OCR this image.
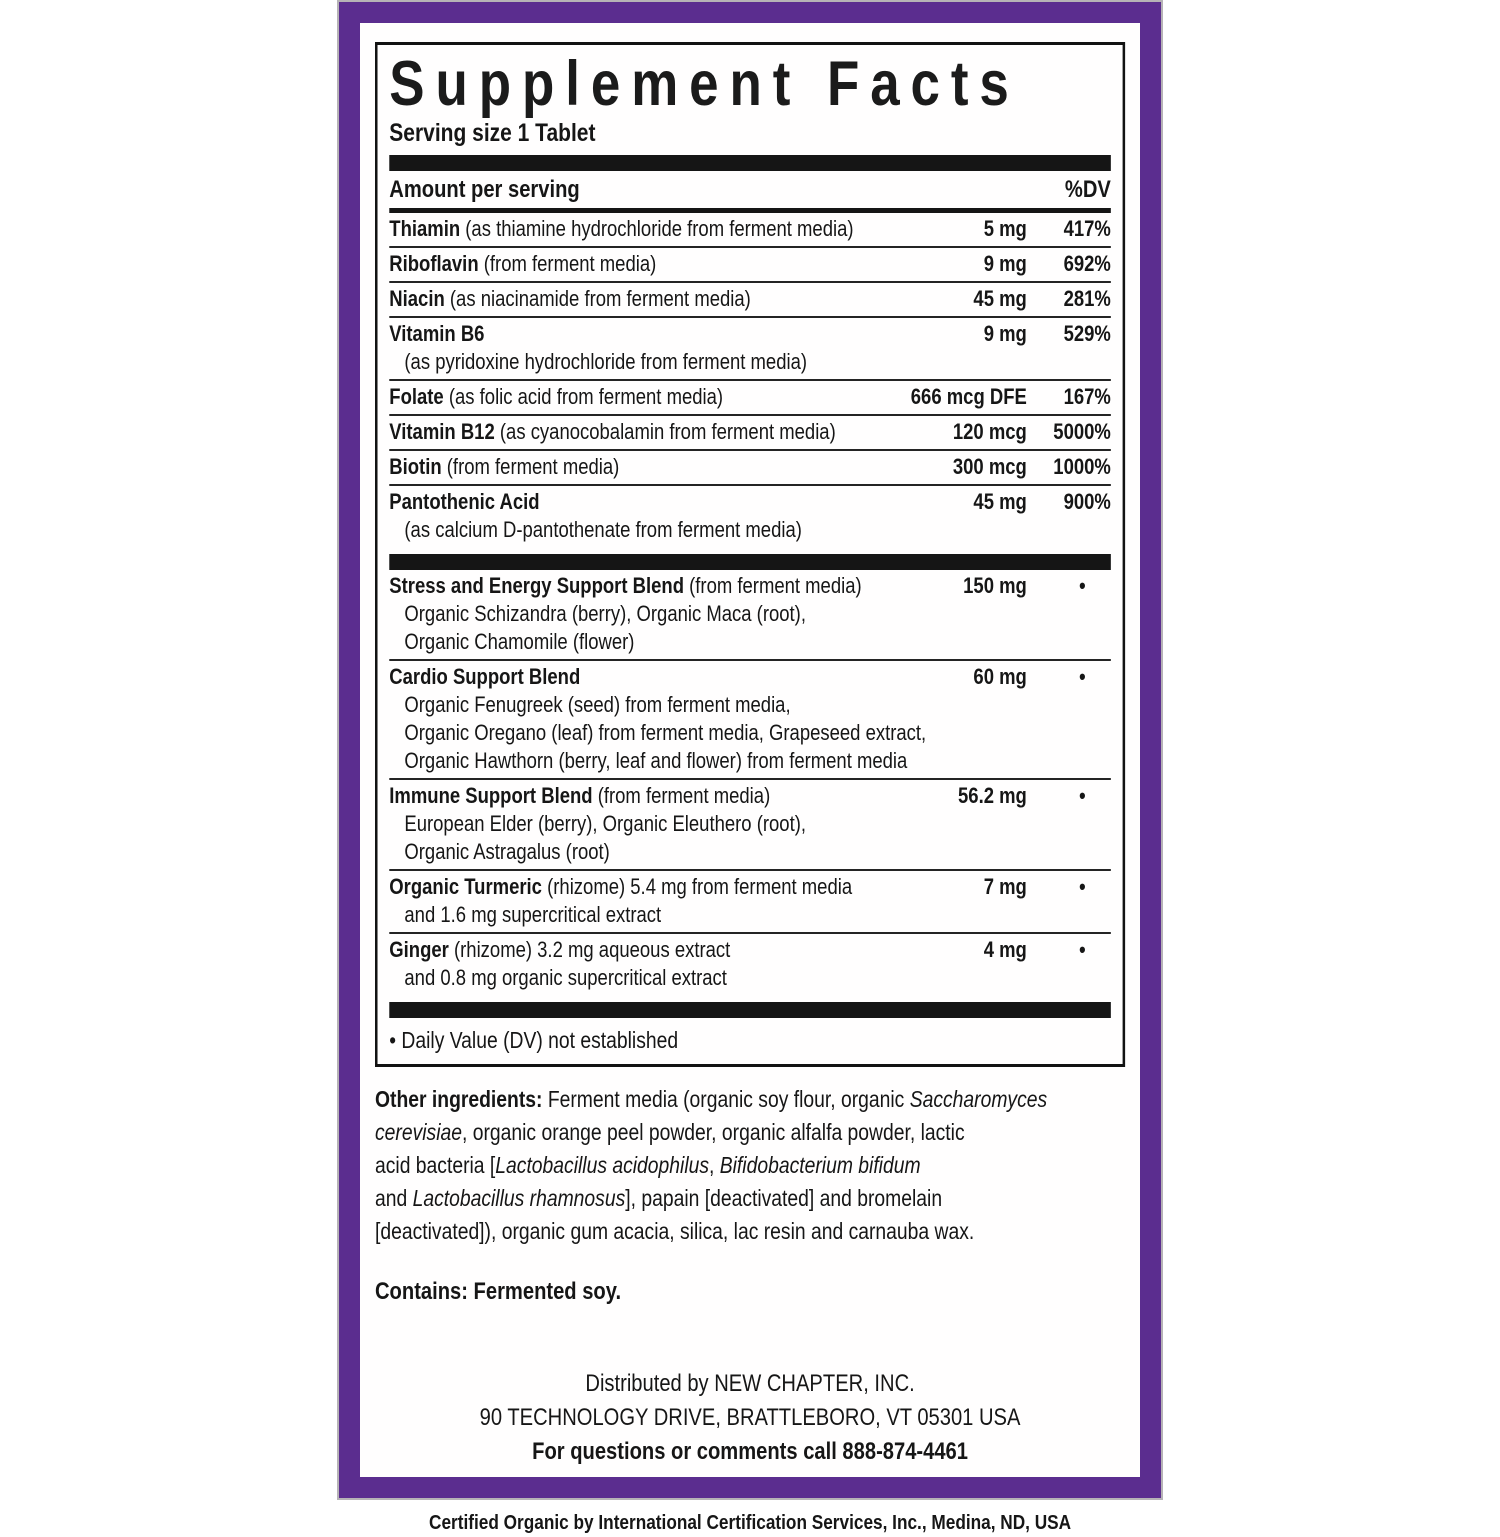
Supplement Facts
Serving size 1 Tablet
Amount per serving	%DV
Thiamin (as thiamine hydrochloride from ferment media)	5 mg	417%
Riboflavin (from ferment media)	9 mg	692%
Niacin (as niacinamide from ferment media)	45 mg	281%
Vitamin B6	9 mg	529%
(as pyridoxine hydrochloride from ferment media)
Folate (as folic acid from ferment media)	666 mcg DFE	167%
Vitamin B12 (as cyanocobalamin from ferment media)	120 mcg	5000%
Biotin (from ferment media)	300 mcg	1000%
Pantothenic Acid	45 mg	900%
(as calcium D-pantothenate from ferment media)
Stress and Energy Support Blend (from ferment media)	150 mg	•
Organic Schizandra (berry), Organic Maca (root),
Organic Chamomile (flower)
Cardio Support Blend	60 mg	•
Organic Fenugreek (seed) from ferment media,
Organic Oregano (leaf) from ferment media, Grapeseed extract,
Organic Hawthorn (berry, leaf and flower) from ferment media
Immune Support Blend (from ferment media)	56.2 mg	•
European Elder (berry), Organic Eleuthero (root),
Organic Astragalus (root)
Organic Turmeric (rhizome) 5.4 mg from ferment media	7 mg	•
and 1.6 mg supercritical extract
Ginger (rhizome) 3.2 mg aqueous extract	4 mg	•
and 0.8 mg organic supercritical extract
• Daily Value (DV) not established
Other ingredients: Ferment media (organic soy flour, organic Saccharomyces
cerevisiae, organic orange peel powder, organic alfalfa powder, lactic
acid bacteria [Lactobacillus acidophilus, Bifidobacterium bifidum
and Lactobacillus rhamnosus], papain [deactivated] and bromelain
[deactivated]), organic gum acacia, silica, lac resin and carnauba wax.
Contains: Fermented soy.
Distributed by NEW CHAPTER, INC.
90 TECHNOLOGY DRIVE, BRATTLEBORO, VT 05301 USA
For questions or comments call 888-874-4461
Certified Organic by International Certification Services, Inc., Medina, ND, USA
